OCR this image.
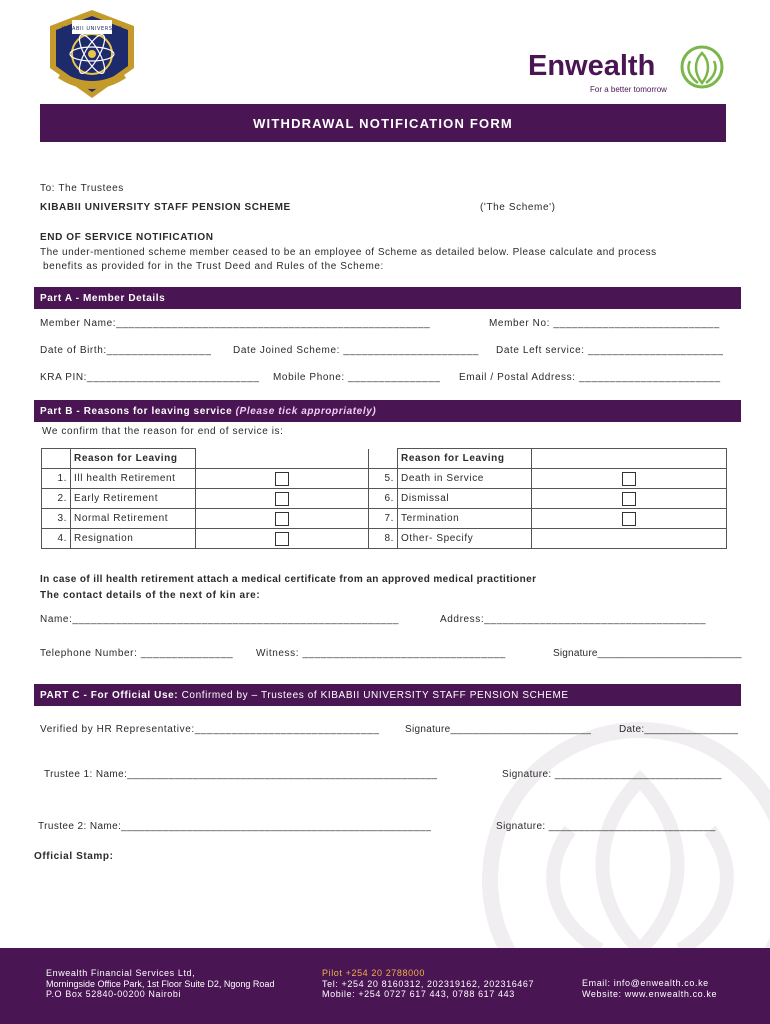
KIBABII UNIVERSITY
Enwealth
For a better tomorrow
WITHDRAWAL NOTIFICATION FORM
To: The Trustees
KIBABII UNIVERSITY STAFF PENSION SCHEME	('The Scheme')
END OF SERVICE NOTIFICATION
The under-mentioned scheme member ceased to be an employee of Scheme as detailed below. Please calculate and process
benefits as provided for in the Trust Deed and Rules of the Scheme:
Part A - Member Details
Member Name:___________________________________________________	Member No: ___________________________
Date of Birth:_________________ Date Joined Scheme: ______________________ Date Left service: ______________________
KRA PIN:____________________________ Mobile Phone: _______________ Email / Postal Address: _______________________
Part B - Reasons for leaving service
(Please tick appropriately)
We confirm that the reason for end of service is:
	Reason for Leaving			Reason for Leaving	
1.	Ill health Retirement		5.	Death in Service	
2.	Early Retirement		6.	Dismissal	
3.	Normal Retirement		7.	Termination	
4.	Resignation		8.	Other- Specify	
In case of ill health retirement attach a medical certificate from an approved medical practitioner
The contact details of the next of kin are:
Name:_____________________________________________________	Address:____________________________________
Telephone Number: _______________ Witness: _________________________________	Signature_________________________
PART C - For Official Use:
Confirmed by – Trustees of KIBABII UNIVERSITY STAFF PENSION SCHEME
Verified by HR Representative:______________________________	Signature________________________	Date:________________
Trustee 1: Name:____________________________________________________	Signature: ____________________________
Trustee 2: Name:____________________________________________________	Signature: ____________________________
Official Stamp:
Enwealth Financial Services Ltd,
Morningside Office Park, 1st Floor Suite D2, Ngong Road
P.O Box 52840-00200 Nairobi
Pilot +254 20 2788000
Tel: +254 20 8160312, 202319162, 202316467
Mobile: +254 0727 617 443, 0788 617 443
Email: info@enwealth.co.ke
Website: www.enwealth.co.ke
